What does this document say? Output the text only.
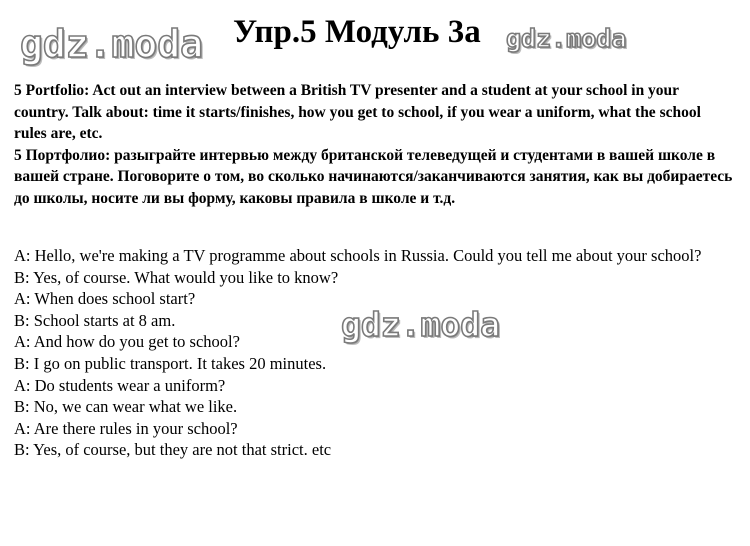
gdz.moda Упр.5 Модуль 3а gdz.moda

5 Portfolio: Act out an interview between a British TV presenter and a student at your school in your country. Talk about: time it starts/finishes, how you get to school, if you wear a uniform, what the school rules are, etc.

5 Портфолио: разыграйте интервью между британской телеведущей и студентами в вашей школе в вашей стране. Поговорите о том, во сколько начинаются/заканчиваются занятия, как вы добираетесь до школы, носите ли вы форму, каковы правила в школе и т.д.

A: Hello, we're making a TV programme about schools in Russia. Could you tell me about your school?

B: Yes, of course. What would you like to know?

A: When does school start?

B: School starts at 8 am.

A: And how do you get to school?

B: I go on public transport. It takes 20 minutes.

A: Do students wear a uniform?

B: No, we can wear what we like.

A: Are there rules in your school?

B: Yes, of course, but they are not that strict. etc

gdz.moda
